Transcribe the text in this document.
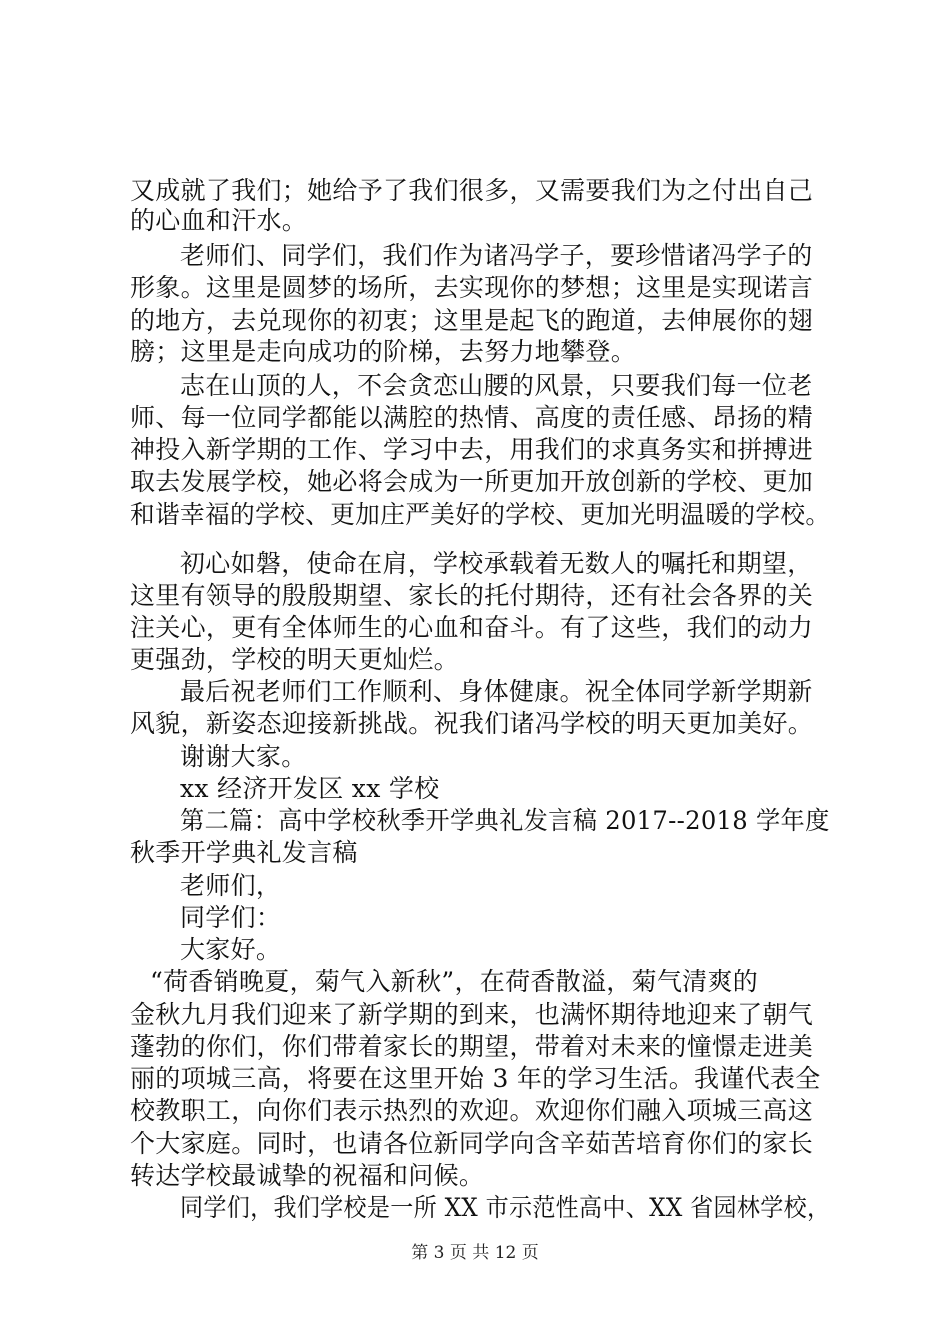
又成就了我们；她给予了我们很多，又需要我们为之付出自己
的心血和汗水。
老师们、同学们，我们作为诸冯学子，要珍惜诸冯学子的
形象。这里是圆梦的场所，去实现你的梦想；这里是实现诺言
的地方，去兑现你的初衷；这里是起飞的跑道，去伸展你的翅
膀；这里是走向成功的阶梯，去努力地攀登。
志在山顶的人，不会贪恋山腰的风景，只要我们每一位老
师、每一位同学都能以满腔的热情、高度的责任感、昂扬的精
神投入新学期的工作、学习中去，用我们的求真务实和拼搏进
取去发展学校，她必将会成为一所更加开放创新的学校、更加
和谐幸福的学校、更加庄严美好的学校、更加光明温暖的学校。
初心如磐，使命在肩，学校承载着无数人的嘱托和期望，
这里有领导的殷殷期望、家长的托付期待，还有社会各界的关
注关心，更有全体师生的心血和奋斗。有了这些，我们的动力
更强劲，学校的明天更灿烂。
最后祝老师们工作顺利、身体健康。祝全体同学新学期新
风貌，新姿态迎接新挑战。祝我们诸冯学校的明天更加美好。
谢谢大家。
xx 经济开发区 xx 学校
第二篇：高中学校秋季开学典礼发言稿 2017--2018 学年度
秋季开学典礼发言稿
老师们，
同学们：
大家好。
“荷香销晚夏，菊气入新秋”，在荷香散溢，菊气清爽的
金秋九月我们迎来了新学期的到来，也满怀期待地迎来了朝气
蓬勃的你们，你们带着家长的期望，带着对未来的憧憬走进美
丽的项城三高，将要在这里开始 3 年的学习生活。我谨代表全
校教职工，向你们表示热烈的欢迎。欢迎你们融入项城三高这
个大家庭。同时，也请各位新同学向含辛茹苦培育你们的家长
转达学校最诚挚的祝福和问候。
同学们，我们学校是一所 XX 市示范性高中、XX 省园林学校，
第 3 页 共 12 页
